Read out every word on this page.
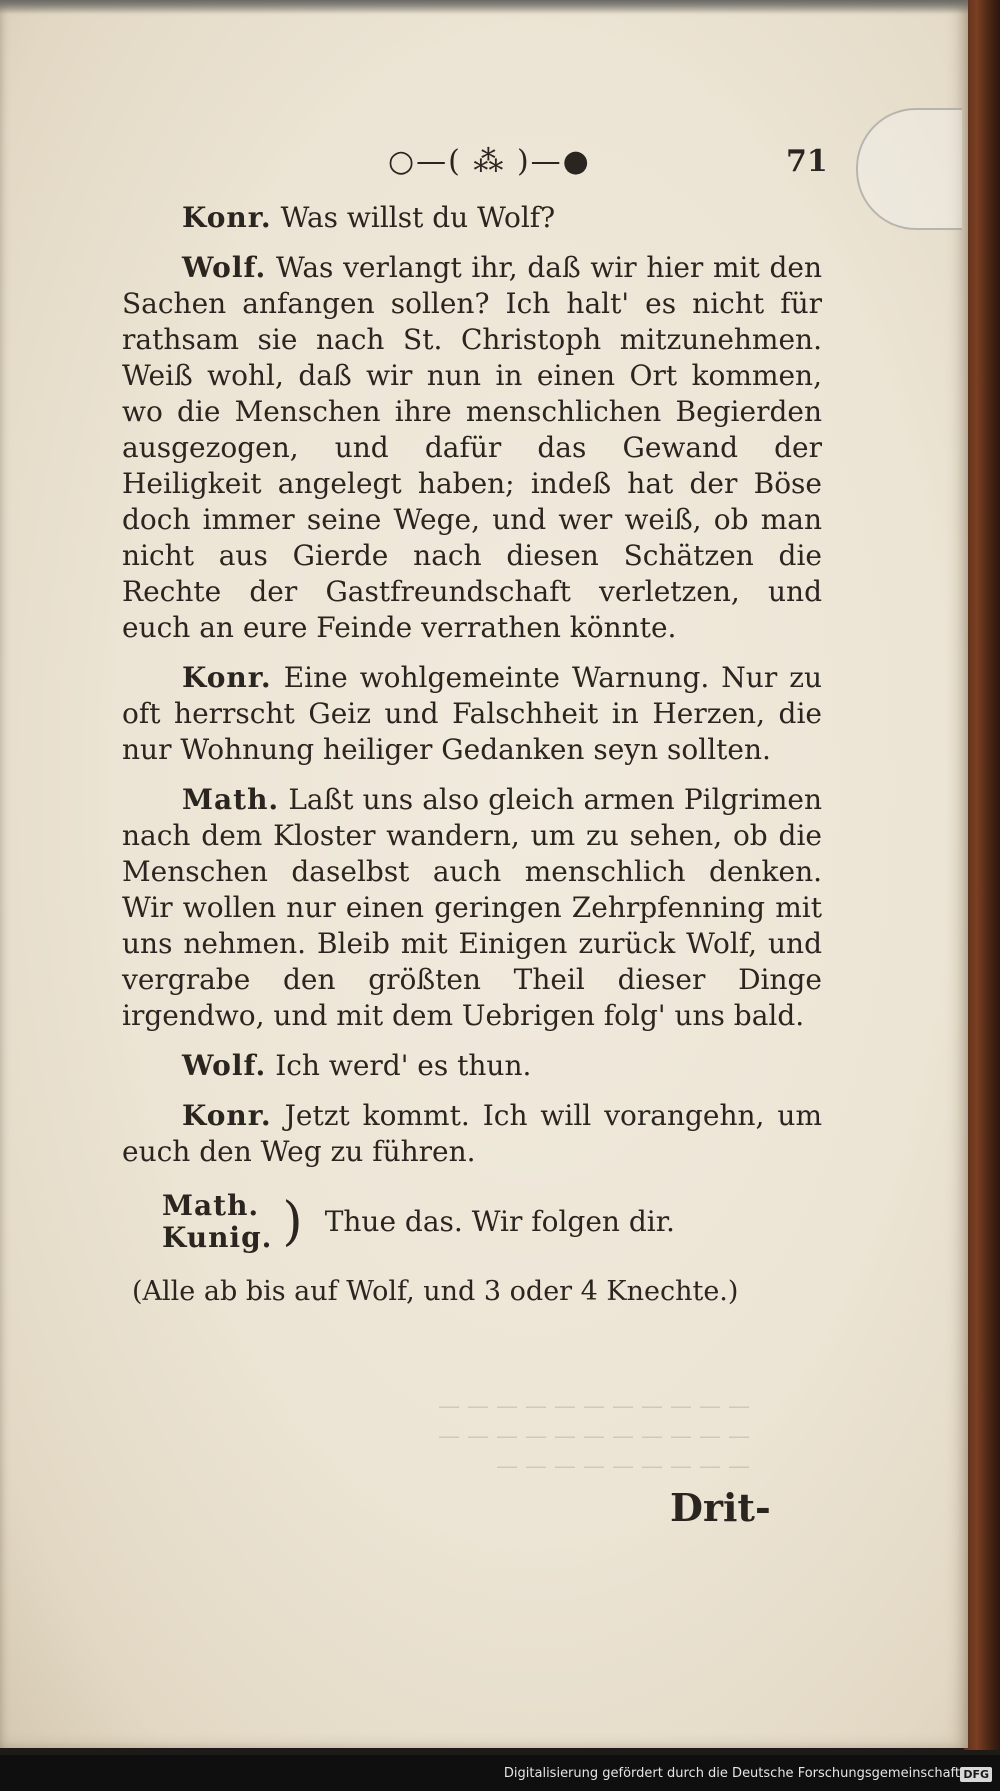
○—( ⁂ )—●	71

Konr. Was willst du Wolf?

Wolf. Was verlangt ihr, daß wir hier mit den Sachen anfangen sollen? Ich halt' es nicht für rathsam sie nach St. Christoph mitzunehmen. Weiß wohl, daß wir nun in einen Ort kommen, wo die Menschen ihre menschlichen Begierden ausgezogen, und dafür das Gewand der Heiligkeit angelegt haben; indeß hat der Böse doch immer seine Wege, und wer weiß, ob man nicht aus Gierde nach diesen Schätzen die Rechte der Gastfreundschaft verletzen, und euch an eure Feinde verrathen könnte.

Konr. Eine wohlgemeinte Warnung. Nur zu oft herrscht Geiz und Falschheit in Herzen, die nur Wohnung heiliger Gedanken seyn sollten.

Math. Laßt uns also gleich armen Pilgrimen nach dem Kloster wandern, um zu sehen, ob die Menschen daselbst auch menschlich denken. Wir wollen nur einen geringen Zehrpfenning mit uns nehmen. Bleib mit Einigen zurück Wolf, und vergrabe den größten Theil dieser Dinge irgendwo, und mit dem Uebrigen folg' uns bald.

Wolf. Ich werd' es thun.

Konr. Jetzt kommt. Ich will vorangehn, um euch den Weg zu führen.

Math.
Kunig. ) Thue das. Wir folgen dir.

(Alle ab bis auf Wolf, und 3 oder 4 Knechte.)

— — — — — — — — — — —
— — — — — — — — — — —
— — — — — — — — —
Drit-
Digitalisierung gefördert durch die Deutsche Forschungsgemeinschaft DFG
